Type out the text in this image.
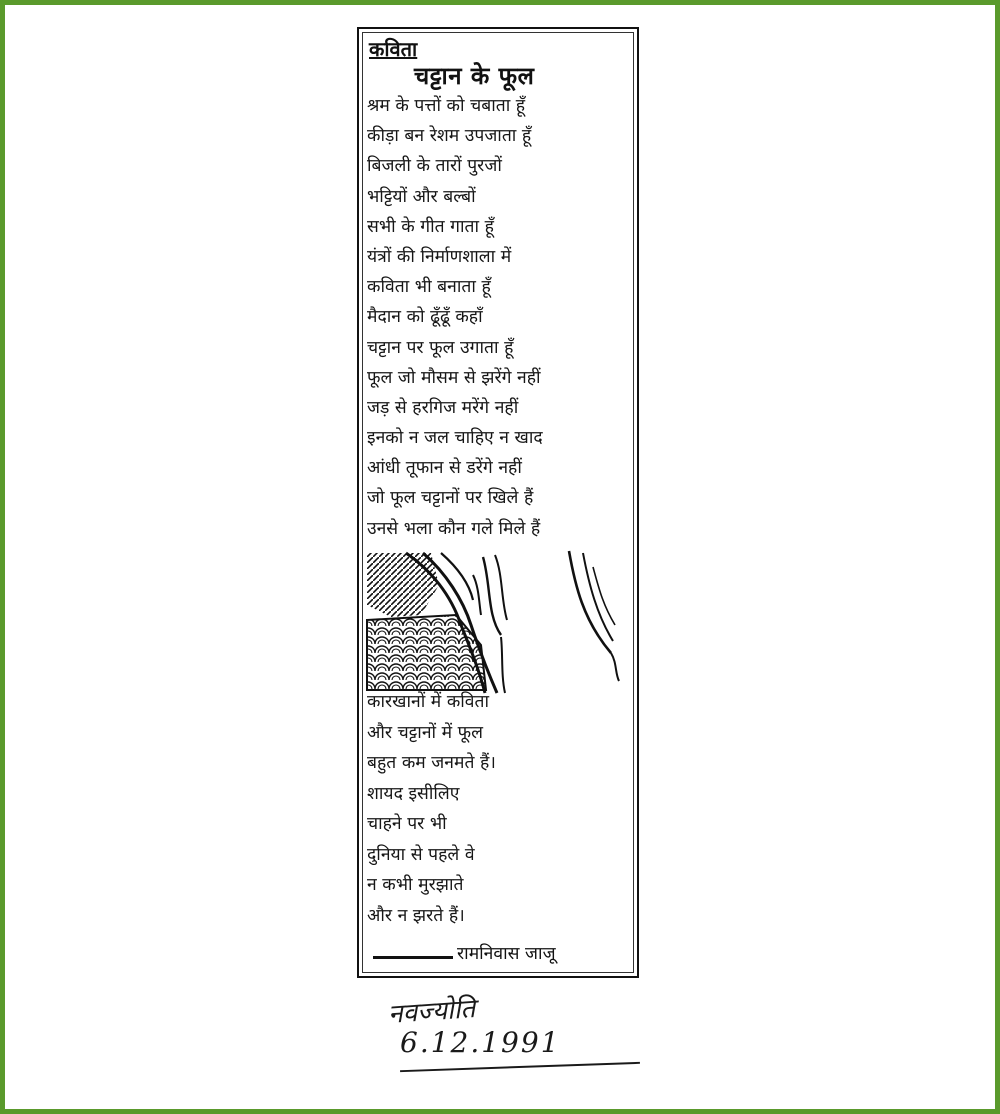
कविता
चट्टान के फूल
श्रम के पत्तों को चबाता हूँ
कीड़ा बन रेशम उपजाता हूँ
बिजली के तारों पुरजों
भट्टियों और बल्बों
सभी के गीत गाता हूँ
यंत्रों की निर्माणशाला में
कविता भी बनाता हूँ
मैदान को ढूँढूँ कहाँ
चट्टान पर फूल उगाता हूँ
फूल जो मौसम से झरेंगे नहीं
जड़ से हरगिज मरेंगे नहीं
इनको न जल चाहिए न खाद
आंधी तूफान से डरेंगे नहीं
जो फूल चट्टानों पर खिले हैं
उनसे भला कौन गले मिले हैं
कारखानों में कविता
और चट्टानों में फूल
बहुत कम जनमते हैं।
शायद इसीलिए
चाहने पर भी
दुनिया से पहले वे
न कभी मुरझाते
और न झरते हैं।
रामनिवास जाजू
नवज्योति
6.12.1991
